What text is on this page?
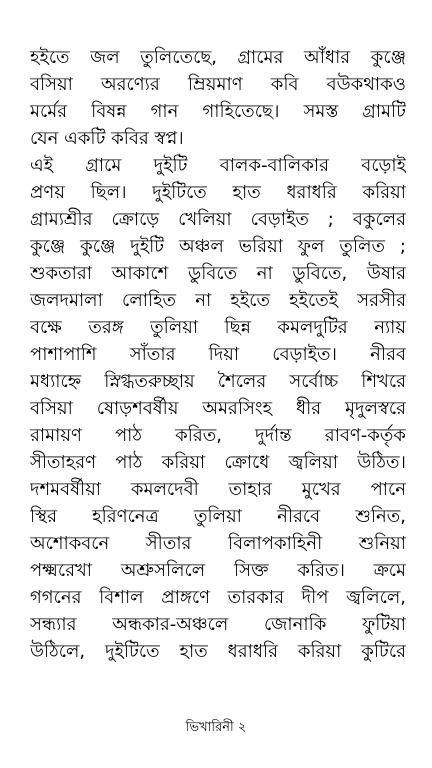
হইতে জল তুলিতেছে, গ্রামের আঁধার কুঞ্জে
বসিয়া অরণ্যের ম্রিয়মাণ কবি বউকথাকও
মর্মের বিষন্ন গান গাহিতেছে। সমস্ত গ্রামটি
যেন একটি কবির স্বপ্ন।
এই গ্রামে দুইটি বালক-বালিকার বড়োই
প্রণয় ছিল। দুইটিতে হাত ধরাধরি করিয়া
গ্রাম্যশ্রীর ক্রোড়ে খেলিয়া বেড়াইত ; বকুলের
কুঞ্জে কুঞ্জে দুইটি অঞ্চল ভরিয়া ফুল তুলিত ;
শুকতারা আকাশে ডুবিতে না ডুবিতে, উষার
জলদমালা লোহিত না হইতে হইতেই সরসীর
বক্ষে তরঙ্গ তুলিয়া ছিন্ন কমলদুটির ন্যায়
পাশাপাশি সাঁতার দিয়া বেড়াইত। নীরব
মধ্যাহ্নে স্নিগ্ধতরুচ্ছায় শৈলের সর্বোচ্চ শিখরে
বসিয়া ষোড়শবর্ষীয় অমরসিংহ ধীর মৃদুলস্বরে
রামায়ণ পাঠ করিত, দুর্দান্ত রাবণ-কর্তৃক
সীতাহরণ পাঠ করিয়া ক্রোধে জ্বলিয়া উঠিত।
দশমবর্ষীয়া কমলদেবী তাহার মুখের পানে
স্থির হরিণনেত্র তুলিয়া নীরবে শুনিত,
অশোকবনে সীতার বিলাপকাহিনী শুনিয়া
পক্ষ্মরেখা অশ্রুসলিলে সিক্ত করিত। ক্রমে
গগনের বিশাল প্রাঙ্গণে তারকার দীপ জ্বলিলে,
সন্ধ্যার অন্ধকার-অঞ্চলে জোনাকি ফুটিয়া
উঠিলে, দুইটিতে হাত ধরাধরি করিয়া কুটিরে
ভিখারিনী ২
